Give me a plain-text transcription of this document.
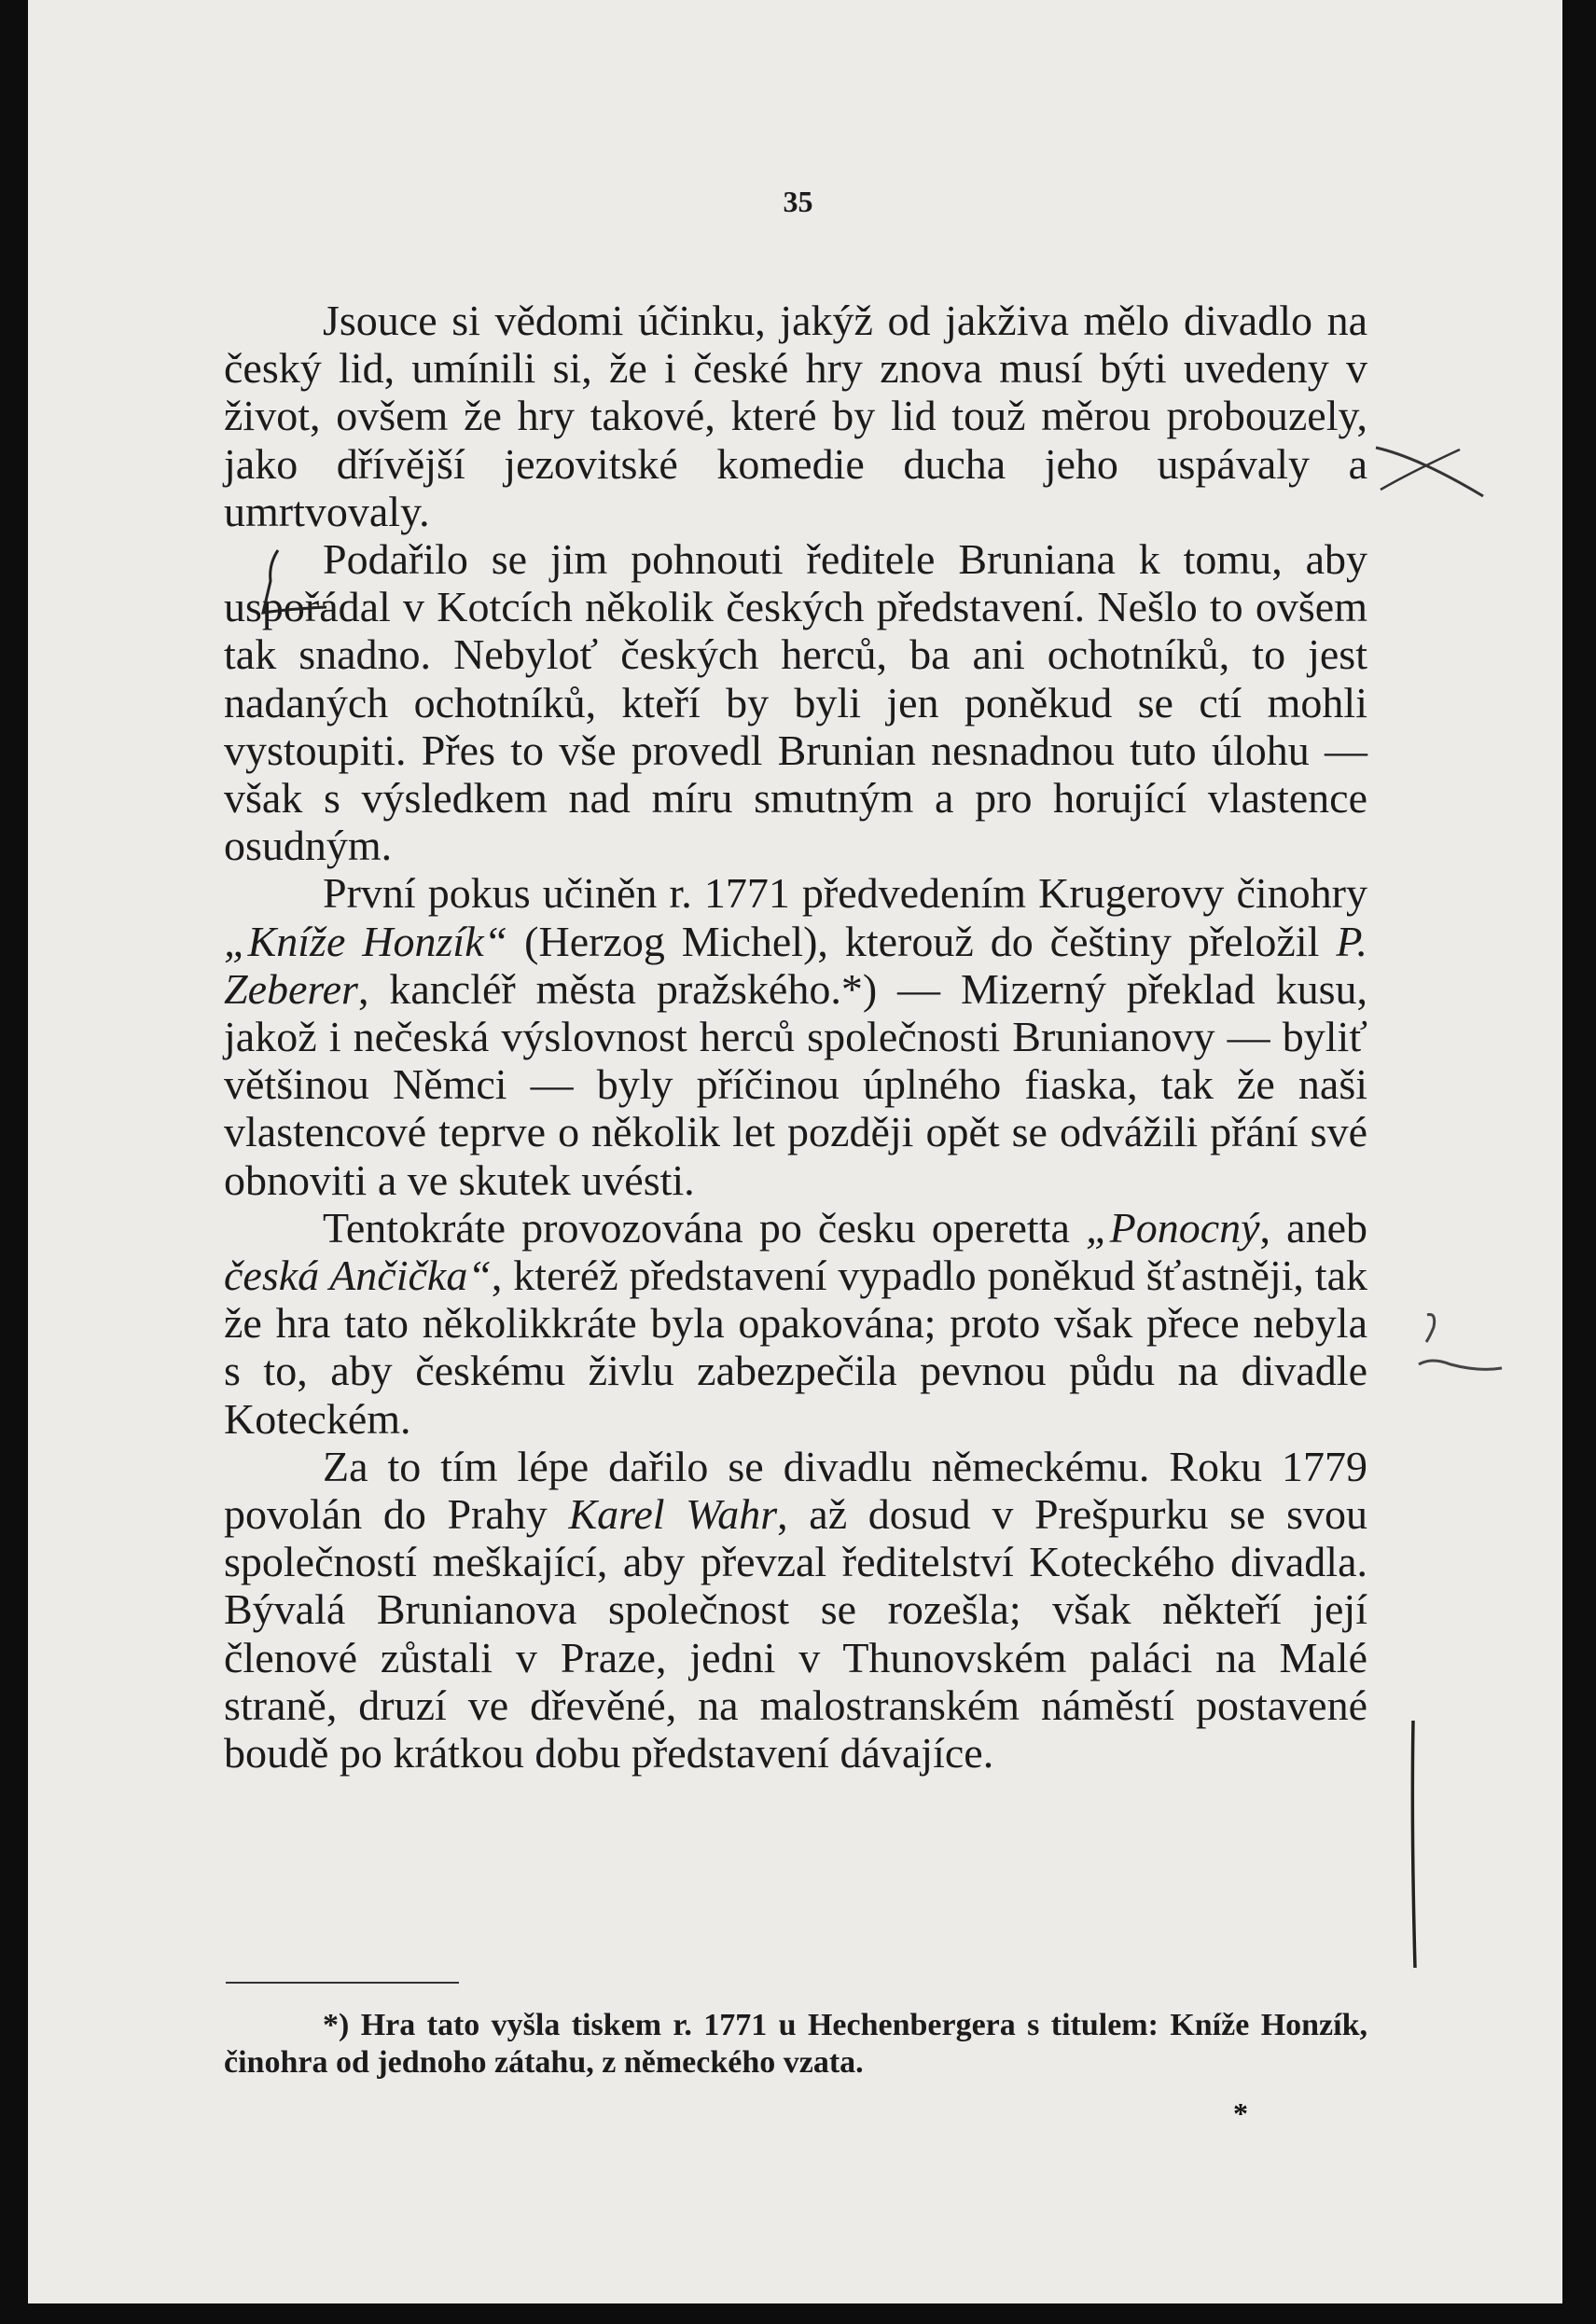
35

Jsouce si vědomi účinku, jakýž od jakživa mělo divadlo na český lid, umínili si, že i české hry znova musí býti uvedeny v život, ovšem že hry takové, které by lid touž měrou probouzely, jako dřívější jezovitské komedie ducha jeho uspávaly a umrtvovaly.

Podařilo se jim pohnouti ředitele Bruniana k tomu, aby uspořádal v Kotcích několik českých představení. Nešlo to ovšem tak snadno. Nebyloť českých herců, ba ani ochotníků, to jest nadaných ochotníků, kteří by byli jen poněkud se ctí mohli vystoupiti. Přes to vše provedl Brunian nesnadnou tuto úlohu — však s výsledkem nad míru smutným a pro horující vlastence osudným.

První pokus učiněn r. 1771 předvedením Krugerovy činohry „Kníže Honzík“ (Herzog Michel), kterouž do češtiny přeložil P. Zeberer, kancléř města pražského.*) — Mizerný překlad kusu, jakož i nečeská výslovnost herců společnosti Brunianovy — byliť většinou Němci — byly příčinou úplného fiaska, tak že naši vlastencové teprve o několik let později opět se odvážili přání své obnoviti a ve skutek uvésti.

Tentokráte provozována po česku operetta „Ponocný, aneb česká Ančička“, kteréž představení vypadlo poněkud šťastněji, tak že hra tato několikkráte byla opakována; proto však přece nebyla s to, aby českému živlu zabezpečila pevnou půdu na divadle Koteckém.

Za to tím lépe dařilo se divadlu německému. Roku 1779 povolán do Prahy Karel Wahr, až dosud v Prešpurku se svou společností meškající, aby převzal ředitelství Koteckého divadla. Bývalá Brunianova společnost se rozešla; však někteří její členové zůstali v Praze, jedni v Thunovském paláci na Malé straně, druzí ve dřevěné, na malostranském náměstí postavené boudě po krátkou dobu představení dávajíce.

*) Hra tato vyšla tiskem r. 1771 u Hechenbergera s titulem: Kníže Honzík, činohra od jednoho zátahu, z německého vzata.
*
